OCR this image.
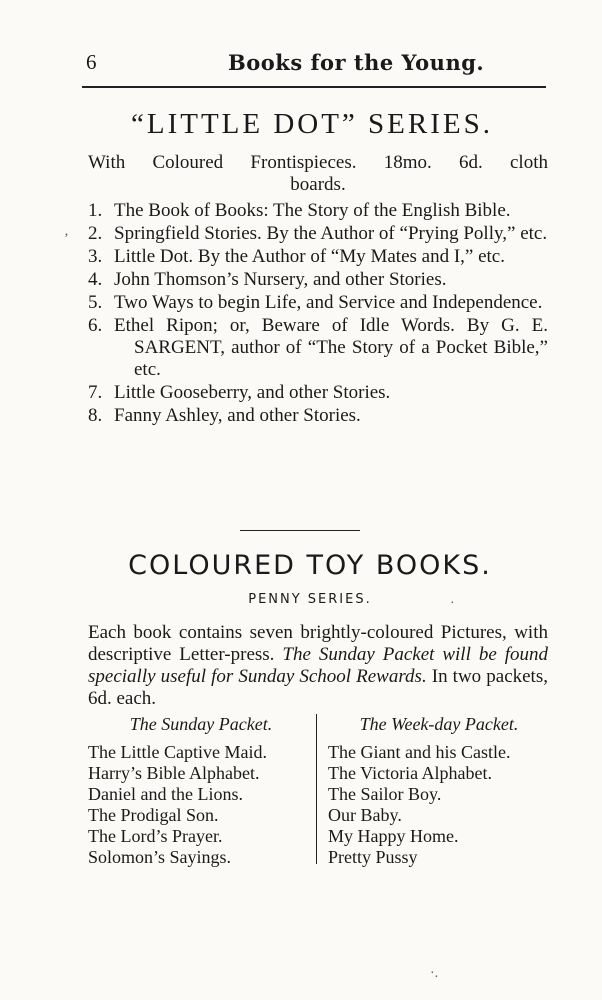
6	Books for the Young.
“LITTLE DOT” SERIES.
With Coloured Frontispieces. 18mo. 6d. cloth
boards.
1. The Book of Books: The Story of the English Bible.
2. Springfield Stories. By the Author of “Prying Polly,” etc.
3. Little Dot. By the Author of “My Mates and I,” etc.
4. John Thomson’s Nursery, and other Stories.
5. Two Ways to begin Life, and Service and Independence.
6. Ethel Ripon; or, Beware of Idle Words. By G. E. SARGENT, author of “The Story of a Pocket Bible,” etc.
7. Little Gooseberry, and other Stories.
8. Fanny Ashley, and other Stories.
COLOURED TOY BOOKS.
PENNY SERIES.
Each book contains seven brightly-coloured Pictures, with descriptive Letter-press. The Sunday Packet will be found specially useful for Sunday School Rewards. In two packets, 6d. each.
The Sunday Packet.
The Little Captive Maid.
Harry’s Bible Alphabet.
Daniel and the Lions.
The Prodigal Son.
The Lord’s Prayer.
Solomon’s Sayings.
The Week-day Packet.
The Giant and his Castle.
The Victoria Alphabet.
The Sailor Boy.
Our Baby.
My Happy Home.
Pretty Pussy
‚
·
·.
